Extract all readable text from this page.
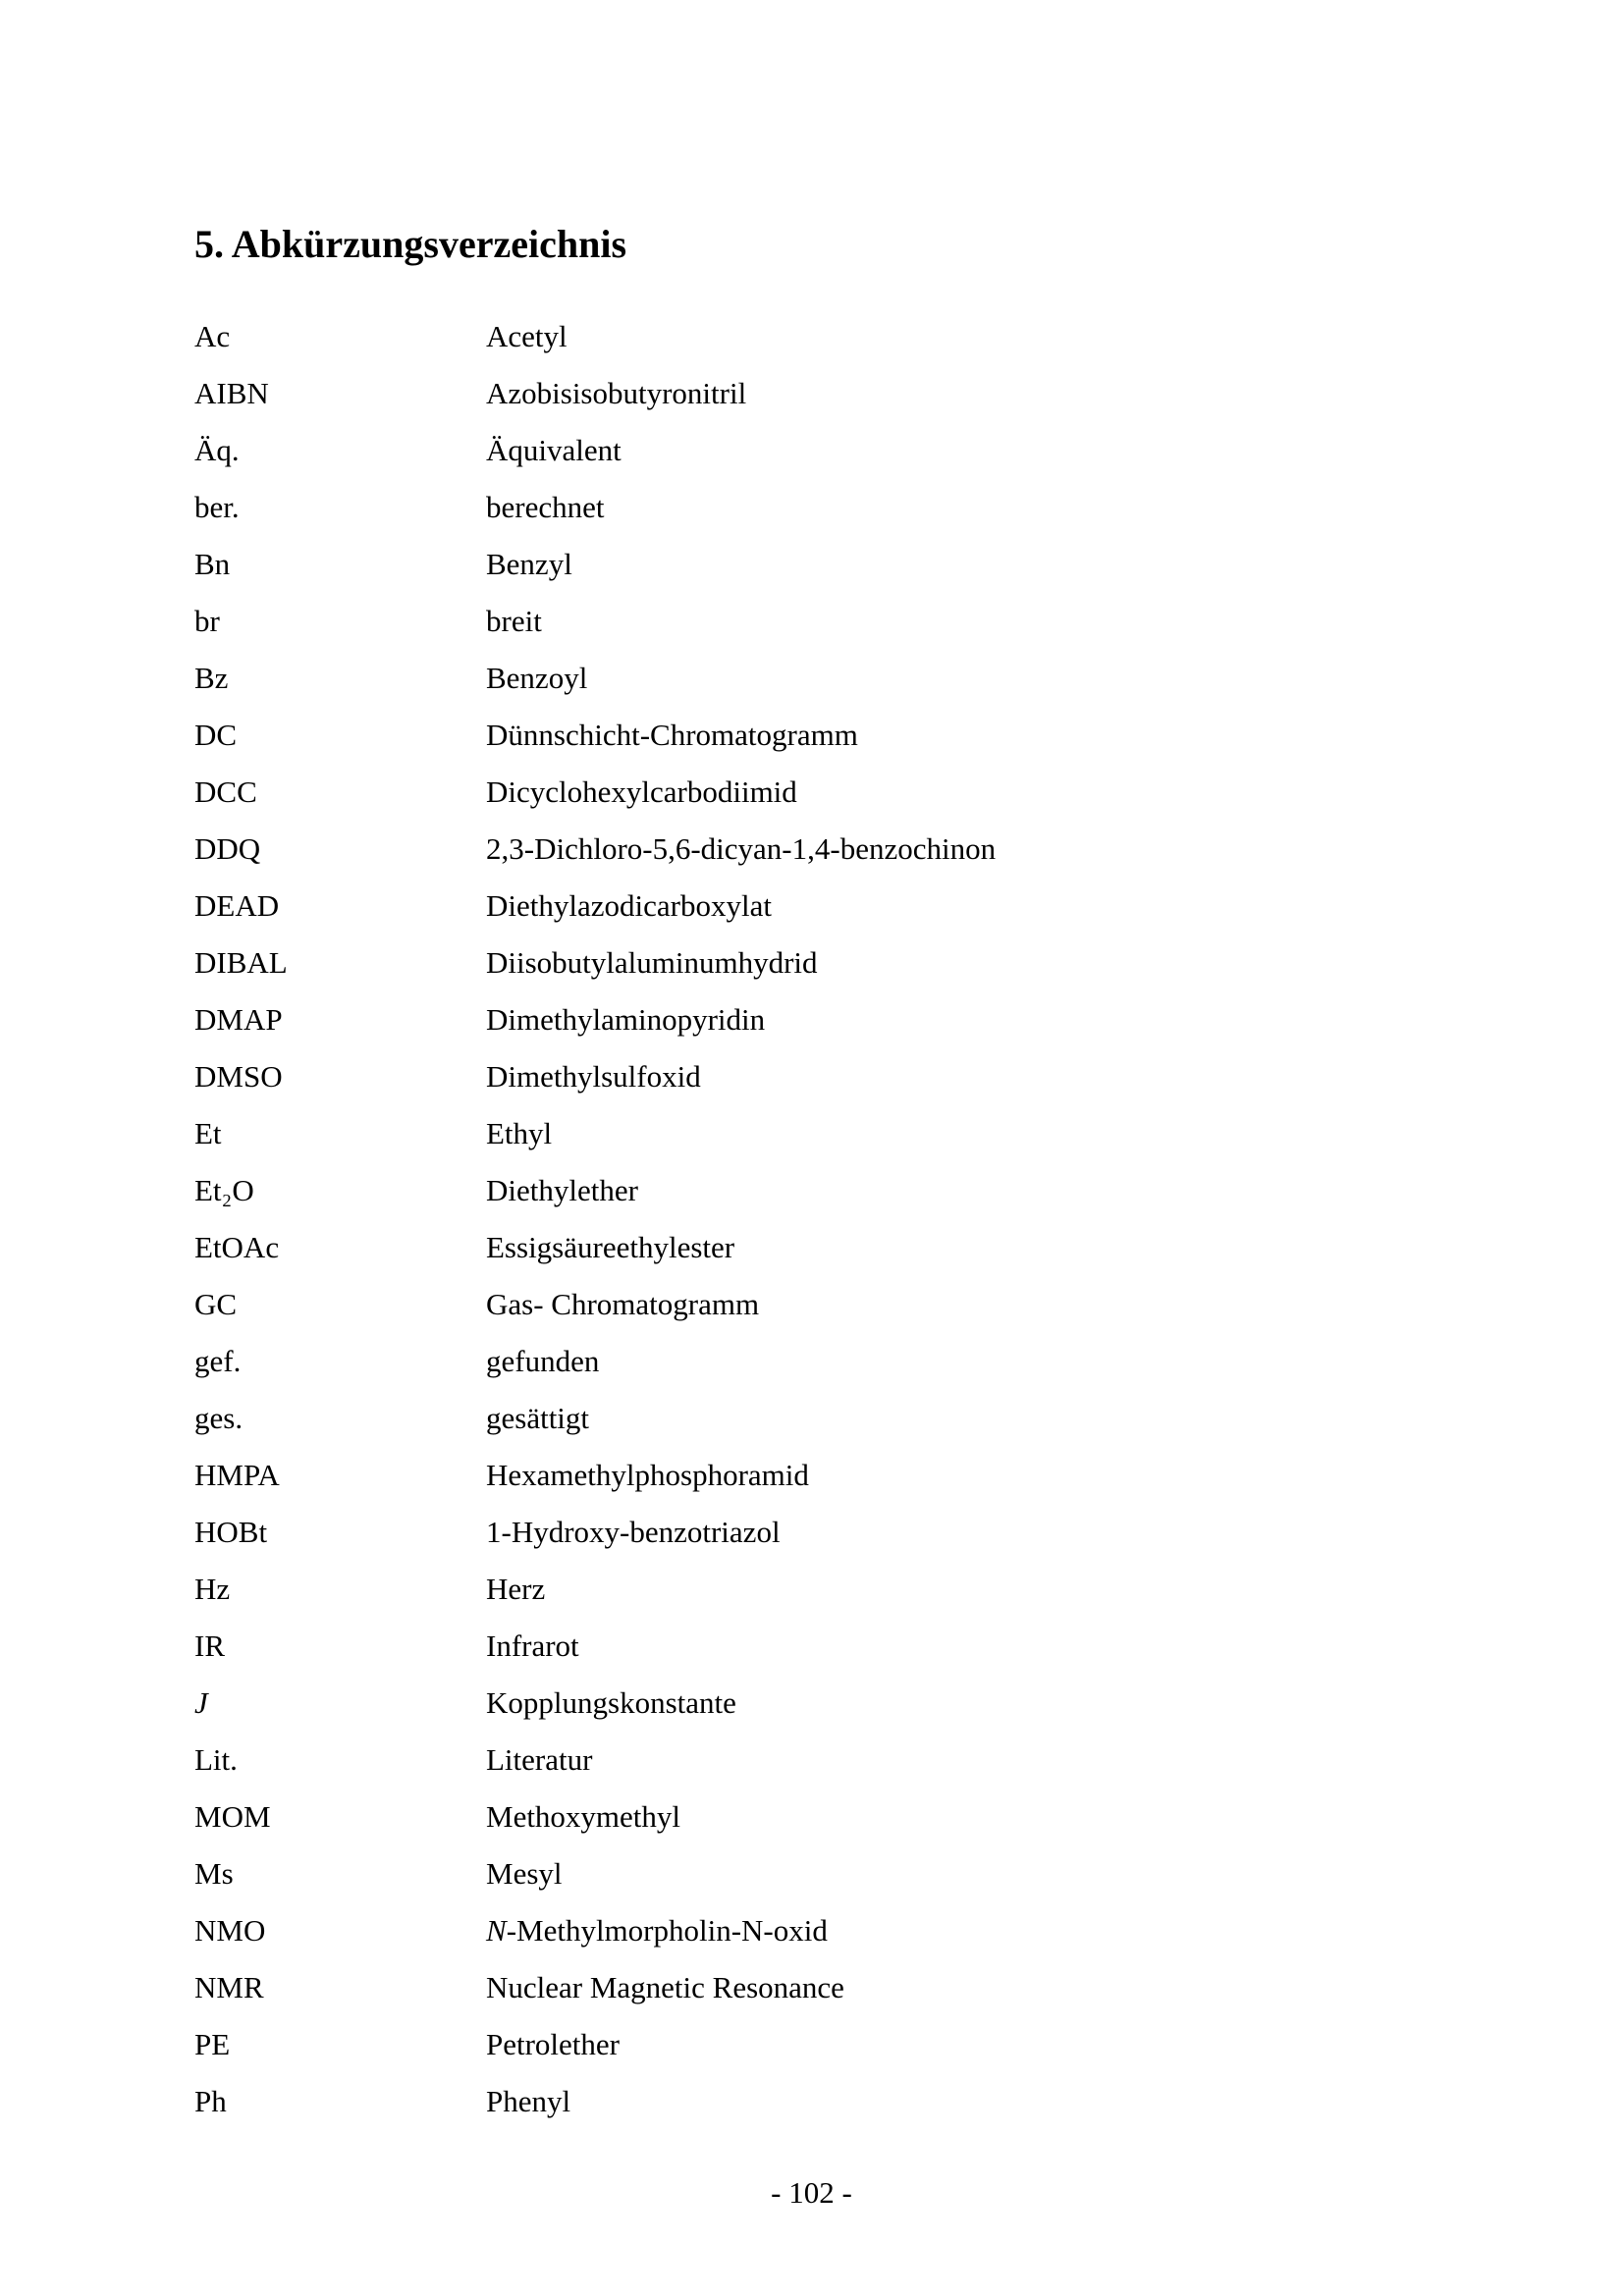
5. Abkürzungsverzeichnis
Ac	Acetyl
AIBN	Azobisisobutyronitril
Äq.	Äquivalent
ber.	berechnet
Bn	Benzyl
br	breit
Bz	Benzoyl
DC	Dünnschicht-Chromatogramm
DCC	Dicyclohexylcarbodiimid
DDQ	2,3-Dichloro-5,6-dicyan-1,4-benzochinon
DEAD	Diethylazodicarboxylat
DIBAL	Diisobutylaluminumhydrid
DMAP	Dimethylaminopyridin
DMSO	Dimethylsulfoxid
Et	Ethyl
Et₂O	Diethylether
EtOAc	Essigsäureethylester
GC	Gas- Chromatogramm
gef.	gefunden
ges.	gesättigt
HMPA	Hexamethylphosphoramid
HOBt	1-Hydroxy-benzotriazol
Hz	Herz
IR	Infrarot
J	Kopplungskonstante
Lit.	Literatur
MOM	Methoxymethyl
Ms	Mesyl
NMO	N-Methylmorpholin-N-oxid
NMR	Nuclear Magnetic Resonance
PE	Petrolether
Ph	Phenyl
- 102 -
